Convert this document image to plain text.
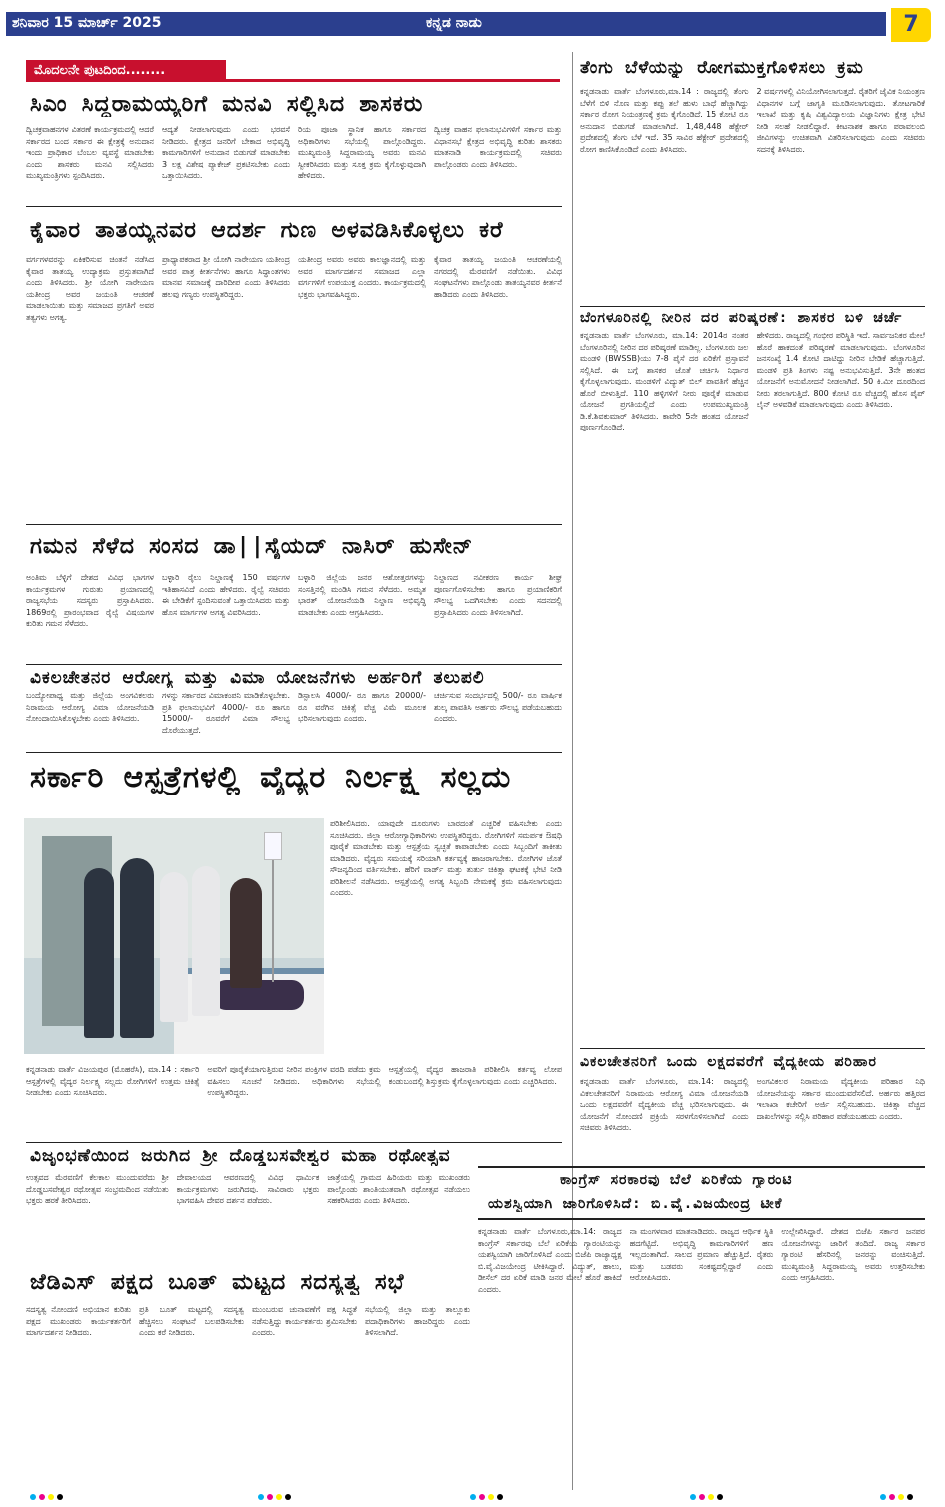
ಶನಿವಾರ 15 ಮಾರ್ಚ್ 2025	ಕನ್ನಡ ನಾಡು	7
ಮೊದಲನೇ ಪುಟದಿಂದ........
ಸಿಎಂ ಸಿದ್ದರಾಮಯ್ಯರಿಗೆ ಮನವಿ ಸಲ್ಲಿಸಿದ ಶಾಸಕರು
ದ್ವಿಚಕ್ರವಾಹನಗಳ ವಿತರಣೆ ಕಾರ್ಯಕ್ರಮದಲ್ಲಿ ಆದರೆ ಸರ್ಕಾರದ ಬಂದ ಸರ್ಕಾರ ಈ ಕ್ಷೇತ್ರಕ್ಕೆ ಅನುದಾನ ಇಂದು ಪ್ರಾಧಿಕಾರ ಬೆಂಬಲ ವ್ಯವಸ್ಥೆ ಮಾಡಬೇಕು ಎಂದು ಶಾಸಕರು ಮನವಿ ಸಲ್ಲಿಸಿದರು ಮುಖ್ಯಮಂತ್ರಿಗಳು ಸ್ಪಂದಿಸಿದರು.
ಆದ್ಯತೆ ನೀಡಲಾಗುವುದು ಎಂದು ಭರವಸೆ ನೀಡಿದರು. ಕ್ಷೇತ್ರದ ಜನರಿಗೆ ಬೇಕಾದ ಅಭಿವೃದ್ಧಿ ಕಾಮಗಾರಿಗಳಿಗೆ ಅನುದಾನ ಬಿಡುಗಡೆ ಮಾಡಬೇಕು 3 ಲಕ್ಷ ವಿಶೇಷ ಪ್ಯಾಕೇಜ್ ಪ್ರಕಟಿಸಬೇಕು ಎಂದು ಒತ್ತಾಯಿಸಿದರು.
ರಿಯ ಪೂಜಾ ಸ್ಥಾನಿಕ ಹಾಗೂ ಸರ್ಕಾರದ ಅಧಿಕಾರಿಗಳು ಸಭೆಯಲ್ಲಿ ಪಾಲ್ಗೊಂಡಿದ್ದರು. ಮುಖ್ಯಮಂತ್ರಿ ಸಿದ್ದರಾಮಯ್ಯ ಅವರು ಮನವಿ ಸ್ವೀಕರಿಸಿದರು ಮತ್ತು ಸೂಕ್ತ ಕ್ರಮ ಕೈಗೊಳ್ಳುವುದಾಗಿ ಹೇಳಿದರು.
ದ್ವಿಚಕ್ರ ವಾಹನ ಫಲಾನುಭವಿಗಳಿಗೆ ಸರ್ಕಾರ ಮತ್ತು ವಿಧಾನಸಭೆ ಕ್ಷೇತ್ರದ ಅಭಿವೃದ್ಧಿ ಕುರಿತು ಶಾಸಕರು ಮಾತನಾಡಿ ಕಾರ್ಯಕ್ರಮದಲ್ಲಿ ಸಚಿವರು ಪಾಲ್ಗೊಂಡರು ಎಂದು ತಿಳಿಸಿದರು.
ಕೈವಾರ ತಾತಯ್ಯನವರ ಆದರ್ಶ ಗುಣ ಅಳವಡಿಸಿಕೊಳ್ಳಲು ಕರೆ
ವರ್ಗಗಳವರನ್ನು ಏಕಿಕರಿಸುವ ಚಿಂತನೆ ನಡೆಸಿದ ಕೈವಾರ ತಾತಯ್ಯ ಉದ್ಯಾಕ್ರಮ ಪ್ರಸ್ತುತವಾಗಿದೆ ಎಂದು ತಿಳಿಸಿದರು. ಶ್ರೀ ಯೋಗಿ ನಾರೇಯಣ ಯತೀಂದ್ರ ಅವರ ಜಯಂತಿ ಆಚರಣೆ ಮಾಡಲಾಯಿತು ಮತ್ತು ಸಮಾಜದ ಪ್ರಗತಿಗೆ ಅವರ ತತ್ವಗಳು ಅಗತ್ಯ.
ಪ್ರಾಧ್ಯಾಪಕರಾದ ಶ್ರೀ ಯೋಗಿ ನಾರೇಯಣ ಯತೀಂದ್ರ ಅವರ ಪಾತ್ರ ಕೀರ್ತನೆಗಳು ಹಾಗೂ ಸಿದ್ಧಾಂತಗಳು ಮಾನವ ಸಮಾಜಕ್ಕೆ ದಾರಿದೀಪ ಎಂದು ತಿಳಿಸಿದರು ಹಲವು ಗಣ್ಯರು ಉಪಸ್ಥಿತರಿದ್ದರು.
ಯತೀಂದ್ರ ಅವರು ಅವರು ಕಾಲಜ್ಞಾನದಲ್ಲಿ ಮತ್ತು ಅವರ ಮಾರ್ಗದರ್ಶನ ಸಮಾಜದ ಎಲ್ಲಾ ವರ್ಗಗಳಿಗೆ ಉಪಯುಕ್ತ ಎಂದರು. ಕಾರ್ಯಕ್ರಮದಲ್ಲಿ ಭಕ್ತರು ಭಾಗವಹಿಸಿದ್ದರು.
ಕೈವಾರ ತಾತಯ್ಯ ಜಯಂತಿ ಆಚರಣೆಯಲ್ಲಿ ನಗರದಲ್ಲಿ ಮೆರವಣಿಗೆ ನಡೆಯಿತು. ವಿವಿಧ ಸಂಘಟನೆಗಳು ಪಾಲ್ಗೊಂಡು ತಾತಯ್ಯನವರ ಕೀರ್ತನೆ ಹಾಡಿದರು ಎಂದು ತಿಳಿಸಿದರು.
ಗಮನ ಸೆಳೆದ ಸಂಸದ ಡಾ||ಸೈಯದ್ ನಾಸಿರ್ ಹುಸೇನ್
ಅಂತಿಮ ಬೆಳ್ಳಿಗೆ ದೇಶದ ವಿವಿಧ ಭಾಗಗಳ ಕಾರ್ಯಕ್ರಮಗಳ ಗುರುತು ಪ್ರಯಾಣದಲ್ಲಿ ರಾಜ್ಯಸಭೆಯ ಸದಸ್ಯರು ಪ್ರಸ್ತಾಪಿಸಿದರು. 1869ರಲ್ಲಿ ಪ್ರಾರಂಭವಾದ ರೈಲ್ವೆ ವಿಷಯಗಳ ಕುರಿತು ಗಮನ ಸೆಳೆದರು.
ಬಳ್ಳಾರಿ ರೈಲು ನಿಲ್ದಾಣಕ್ಕೆ 150 ವರ್ಷಗಳ ಇತಿಹಾಸವಿದೆ ಎಂದು ಹೇಳಿದರು. ರೈಲ್ವೆ ಸಚಿವರು ಈ ಬೇಡಿಕೆಗೆ ಸ್ಪಂದಿಸುವಂತೆ ಒತ್ತಾಯಿಸಿದರು ಮತ್ತು ಹೊಸ ಮಾರ್ಗಗಳ ಅಗತ್ಯ ವಿವರಿಸಿದರು.
ಬಳ್ಳಾರಿ ಜಿಲ್ಲೆಯ ಜನರ ಆಶೋತ್ತರಗಳನ್ನು ಸಂಸತ್ತಿನಲ್ಲಿ ಮಂಡಿಸಿ ಗಮನ ಸೆಳೆದರು. ಅಮೃತ ಭಾರತ್ ಯೋಜನೆಯಡಿ ನಿಲ್ದಾಣ ಅಭಿವೃದ್ಧಿ ಮಾಡಬೇಕು ಎಂದು ಆಗ್ರಹಿಸಿದರು.
ನಿಲ್ದಾಣದ ನವೀಕರಣ ಕಾರ್ಯ ಶೀಘ್ರ ಪೂರ್ಣಗೊಳಿಸಬೇಕು ಹಾಗೂ ಪ್ರಯಾಣಿಕರಿಗೆ ಸೌಲಭ್ಯ ಒದಗಿಸಬೇಕು ಎಂದು ಸದನದಲ್ಲಿ ಪ್ರಸ್ತಾಪಿಸಿದರು ಎಂದು ತಿಳಿಸಲಾಗಿದೆ.
ವಿಕಲಚೇತನರ ಆರೋಗ್ಯ ಮತ್ತು ವಿಮಾ ಯೋಜನೆಗಳು ಅರ್ಹರಿಗೆ ತಲುಪಲಿ
ಬಂದ್ಯೋಪಾಧ್ಯ ಮತ್ತು ಜಿಲ್ಲೆಯ ಅಂಗವಿಕಲರು ನಿರಾಮಯ ಆರೋಗ್ಯ ವಿಮಾ ಯೋಜನೆಯಡಿ ನೋಂದಾಯಿಸಿಕೊಳ್ಳಬೇಕು ಎಂದು ತಿಳಿಸಿದರು.
ಗಳನ್ನು ಸರ್ಕಾರದ ವಿಮಾಕಂಪನಿ ಮಾಡಿಕೊಳ್ಳಬೇಕು. ಪ್ರತಿ ಫಲಾನುಭವಿಗೆ 4000/- ರೂ ಹಾಗೂ 15000/- ರೂವರೆಗೆ ವಿಮಾ ಸೌಲಭ್ಯ ದೊರೆಯುತ್ತದೆ.
ಡಿಸ್ಪಾಲಸಿ 4000/- ರೂ ಹಾಗೂ 20000/- ರೂ ವರೆಗಿನ ಚಿಕಿತ್ಸೆ ವೆಚ್ಚ ವಿಮೆ ಮೂಲಕ ಭರಿಸಲಾಗುವುದು ಎಂದರು.
ಚರ್ಚಿಸುವ ಸಂದರ್ಭದಲ್ಲಿ 500/- ರೂ ವಾರ್ಷಿಕ ಶುಲ್ಕ ಪಾವತಿಸಿ ಅರ್ಹರು ಸೌಲಭ್ಯ ಪಡೆಯಬಹುದು ಎಂದರು.
ಸರ್ಕಾರಿ ಆಸ್ಪತ್ರೆಗಳಲ್ಲಿ ವೈದ್ಯರ ನಿರ್ಲಕ್ಷ್ಯ ಸಲ್ಲದು
ಪರಿಶೀಲಿಸಿದರು. ಯಾವುದೇ ದೂರುಗಳು ಬಾರದಂತೆ ಎಚ್ಚರಿಕೆ ವಹಿಸಬೇಕು ಎಂದು ಸೂಚಿಸಿದರು. ಜಿಲ್ಲಾ ಆರೋಗ್ಯಾಧಿಕಾರಿಗಳು ಉಪಸ್ಥಿತರಿದ್ದರು. ರೋಗಿಗಳಿಗೆ ಸಮರ್ಪಕ ಔಷಧಿ ಪೂರೈಕೆ ಮಾಡಬೇಕು ಮತ್ತು ಆಸ್ಪತ್ರೆಯ ಸ್ವಚ್ಛತೆ ಕಾಪಾಡಬೇಕು ಎಂದು ಸಿಬ್ಬಂದಿಗೆ ತಾಕೀತು ಮಾಡಿದರು. ವೈದ್ಯರು ಸಮಯಕ್ಕೆ ಸರಿಯಾಗಿ ಕರ್ತವ್ಯಕ್ಕೆ ಹಾಜರಾಗಬೇಕು. ರೋಗಿಗಳ ಜೊತೆ ಸೌಜನ್ಯದಿಂದ ವರ್ತಿಸಬೇಕು. ಹೆರಿಗೆ ವಾರ್ಡ್ ಮತ್ತು ತುರ್ತು ಚಿಕಿತ್ಸಾ ಘಟಕಕ್ಕೆ ಭೇಟಿ ನೀಡಿ ಪರಿಶೀಲನೆ ನಡೆಸಿದರು. ಆಸ್ಪತ್ರೆಯಲ್ಲಿ ಅಗತ್ಯ ಸಿಬ್ಬಂದಿ ನೇಮಕಕ್ಕೆ ಕ್ರಮ ವಹಿಸಲಾಗುವುದು ಎಂದರು.
ಕನ್ನಡನಾಡು ವಾರ್ತೆ ವಿಜಯಪುರ (ಮೊಹರೆಸಿ), ಮಾ.14 : ಸರ್ಕಾರಿ ಆಸ್ಪತ್ರೆಗಳಲ್ಲಿ ವೈದ್ಯರ ನಿರ್ಲಕ್ಷ್ಯ ಸಲ್ಲದು ರೋಗಿಗಳಿಗೆ ಉತ್ತಮ ಚಿಕಿತ್ಸೆ ನೀಡಬೇಕು ಎಂದು ಸೂಚಿಸಿದರು.
ಅವರಿಗೆ ಪೂರೈಕೆಯಾಗುತ್ತಿರುವ ನೀರಿನ ಪಂಕ್ತಿಗಳ ವರದಿ ಪಡೆದು ಕ್ರಮ ವಹಿಸಲು ಸೂಚನೆ ನೀಡಿದರು. ಅಧಿಕಾರಿಗಳು ಸಭೆಯಲ್ಲಿ ಉಪಸ್ಥಿತರಿದ್ದರು.
ಆಸ್ಪತ್ರೆಯಲ್ಲಿ ವೈದ್ಯರ ಹಾಜರಾತಿ ಪರಿಶೀಲಿಸಿ ಕರ್ತವ್ಯ ಲೋಪ ಕಂಡುಬಂದಲ್ಲಿ ಶಿಸ್ತುಕ್ರಮ ಕೈಗೊಳ್ಳಲಾಗುವುದು ಎಂದು ಎಚ್ಚರಿಸಿದರು.
ವಿಜೃಂಭಣೆಯಿಂದ ಜರುಗಿದ ಶ್ರೀ ದೊಡ್ಡಬಸವೇಶ್ವರ ಮಹಾ ರಥೋತ್ಸವ
ಉತ್ಸವದ ಮೆರವಣಿಗೆ ಕೆಲಕಾಲ ಮುಂದುವರೆದು ಶ್ರೀ ದೊಡ್ಡಬಸವೇಶ್ವರ ರಥೋತ್ಸವ ಸಂಭ್ರಮದಿಂದ ನಡೆಯಿತು ಭಕ್ತರು ಹರಕೆ ತೀರಿಸಿದರು.
ದೇವಾಲಯದ ಆವರಣದಲ್ಲಿ ವಿವಿಧ ಧಾರ್ಮಿಕ ಕಾರ್ಯಕ್ರಮಗಳು ಜರುಗಿದವು. ಸಾವಿರಾರು ಭಕ್ತರು ಭಾಗವಹಿಸಿ ದೇವರ ದರ್ಶನ ಪಡೆದರು.
ಜಾತ್ರೆಯಲ್ಲಿ ಗ್ರಾಮದ ಹಿರಿಯರು ಮತ್ತು ಮುಖಂಡರು ಪಾಲ್ಗೊಂಡು ಶಾಂತಿಯುತವಾಗಿ ರಥೋತ್ಸವ ನಡೆಯಲು ಸಹಕರಿಸಿದರು ಎಂದು ತಿಳಿಸಿದರು.
ಜೆಡಿಎಸ್ ಪಕ್ಷದ ಬೂತ್ ಮಟ್ಟದ ಸದಸ್ಯತ್ವ ಸಭೆ
ಸದಸ್ಯತ್ವ ನೋಂದಣಿ ಅಭಿಯಾನ ಕುರಿತು ಪಕ್ಷದ ಮುಖಂಡರು ಕಾರ್ಯಕರ್ತರಿಗೆ ಮಾರ್ಗದರ್ಶನ ನೀಡಿದರು.
ಪ್ರತಿ ಬೂತ್ ಮಟ್ಟದಲ್ಲಿ ಸದಸ್ಯತ್ವ ಹೆಚ್ಚಿಸಲು ಸಂಘಟನೆ ಬಲಪಡಿಸಬೇಕು ಎಂದು ಕರೆ ನೀಡಿದರು.
ಮುಂಬರುವ ಚುನಾವಣೆಗೆ ಪಕ್ಷ ಸಿದ್ಧತೆ ನಡೆಸುತ್ತಿದ್ದು ಕಾರ್ಯಕರ್ತರು ಶ್ರಮಿಸಬೇಕು ಎಂದರು.
ಸಭೆಯಲ್ಲಿ ಜಿಲ್ಲಾ ಮತ್ತು ತಾಲ್ಲೂಕು ಪದಾಧಿಕಾರಿಗಳು ಹಾಜರಿದ್ದರು ಎಂದು ತಿಳಿಸಲಾಗಿದೆ.
ತೆಂಗು ಬೆಳೆಯನ್ನು ರೋಗಮುಕ್ತಗೊಳಿಸಲು ಕ್ರಮ
ಕನ್ನಡನಾಡು ವಾರ್ತೆ ಬೆಂಗಳೂರು,ಮಾ.14 : ರಾಜ್ಯದಲ್ಲಿ ತೆಂಗು ಬೆಳೆಗೆ ಬಿಳಿ ನೊಣ ಮತ್ತು ಕಪ್ಪು ತಲೆ ಹುಳು ಬಾಧೆ ಹೆಚ್ಚಾಗಿದ್ದು ಸರ್ಕಾರ ರೋಗ ನಿಯಂತ್ರಣಕ್ಕೆ ಕ್ರಮ ಕೈಗೊಂಡಿದೆ. 15 ಕೋಟಿ ರೂ ಅನುದಾನ ಬಿಡುಗಡೆ ಮಾಡಲಾಗಿದೆ. 1,48,448 ಹೆಕ್ಟೇರ್ ಪ್ರದೇಶದಲ್ಲಿ ತೆಂಗು ಬೆಳೆ ಇದೆ. 35 ಸಾವಿರ ಹೆಕ್ಟೇರ್ ಪ್ರದೇಶದಲ್ಲಿ ರೋಗ ಕಾಣಿಸಿಕೊಂಡಿದೆ ಎಂದು ತಿಳಿಸಿದರು.
2 ವರ್ಷಗಳಲ್ಲಿ ವಿನಿಯೋಗಿಸಲಾಗುತ್ತದೆ. ರೈತರಿಗೆ ಜೈವಿಕ ನಿಯಂತ್ರಣ ವಿಧಾನಗಳ ಬಗ್ಗೆ ಜಾಗೃತಿ ಮೂಡಿಸಲಾಗುವುದು. ತೋಟಗಾರಿಕೆ ಇಲಾಖೆ ಮತ್ತು ಕೃಷಿ ವಿಶ್ವವಿದ್ಯಾಲಯ ವಿಜ್ಞಾನಿಗಳು ಕ್ಷೇತ್ರ ಭೇಟಿ ನೀಡಿ ಸಲಹೆ ನೀಡಲಿದ್ದಾರೆ. ಕೀಟನಾಶಕ ಹಾಗೂ ಪರಾವಲಂಬಿ ಜೀವಿಗಳನ್ನು ಉಚಿತವಾಗಿ ವಿತರಿಸಲಾಗುವುದು ಎಂದು ಸಚಿವರು ಸದನಕ್ಕೆ ತಿಳಿಸಿದರು.
ಬೆಂಗಳೂರಿನಲ್ಲಿ ನೀರಿನ ದರ ಪರಿಷ್ಕರಣೆ: ಶಾಸಕರ ಬಳಿ ಚರ್ಚೆ
ಕನ್ನಡನಾಡು ವಾರ್ತೆ ಬೆಂಗಳೂರು, ಮಾ.14: 2014ರ ನಂತರ ಬೆಂಗಳೂರಿನಲ್ಲಿ ನೀರಿನ ದರ ಪರಿಷ್ಕರಣೆ ಮಾಡಿಲ್ಲ. ಬೆಂಗಳೂರು ಜಲ ಮಂಡಳಿ (BWSSB)ಯು 7-8 ಪೈಸೆ ದರ ಏರಿಕೆಗೆ ಪ್ರಸ್ತಾವನೆ ಸಲ್ಲಿಸಿದೆ. ಈ ಬಗ್ಗೆ ಶಾಸಕರ ಜೊತೆ ಚರ್ಚಿಸಿ ನಿರ್ಧಾರ ಕೈಗೊಳ್ಳಲಾಗುವುದು. ಮಂಡಳಿಗೆ ವಿದ್ಯುತ್ ಬಿಲ್ ಪಾವತಿಗೆ ಹೆಚ್ಚಿನ ಹೊರೆ ಬೀಳುತ್ತಿದೆ. 110 ಹಳ್ಳಿಗಳಿಗೆ ನೀರು ಪೂರೈಕೆ ಮಾಡುವ ಯೋಜನೆ ಪ್ರಗತಿಯಲ್ಲಿದೆ ಎಂದು ಉಪಮುಖ್ಯಮಂತ್ರಿ ಡಿ.ಕೆ.ಶಿವಕುಮಾರ್ ತಿಳಿಸಿದರು. ಕಾವೇರಿ 5ನೇ ಹಂತದ ಯೋಜನೆ ಪೂರ್ಣಗೊಂಡಿದೆ.
ಹೇಳಿದರು. ರಾಜ್ಯದಲ್ಲಿ ಗಂಭೀರ ಪರಿಸ್ಥಿತಿ ಇದೆ. ಸಾರ್ವಜನಿಕರ ಮೇಲೆ ಹೊರೆ ಹಾಕದಂತೆ ಪರಿಷ್ಕರಣೆ ಮಾಡಲಾಗುವುದು. ಬೆಂಗಳೂರಿನ ಜನಸಂಖ್ಯೆ 1.4 ಕೋಟಿ ದಾಟಿದ್ದು ನೀರಿನ ಬೇಡಿಕೆ ಹೆಚ್ಚಾಗುತ್ತಿದೆ. ಮಂಡಳಿ ಪ್ರತಿ ತಿಂಗಳು ನಷ್ಟ ಅನುಭವಿಸುತ್ತಿದೆ. 3ನೇ ಹಂತದ ಯೋಜನೆಗೆ ಅನುಮೋದನೆ ನೀಡಲಾಗಿದೆ. 50 ಕಿ.ಮೀ ದೂರದಿಂದ ನೀರು ತರಲಾಗುತ್ತಿದೆ. 800 ಕೋಟಿ ರೂ ವೆಚ್ಚದಲ್ಲಿ ಹೊಸ ಪೈಪ್ ಲೈನ್ ಅಳವಡಿಕೆ ಮಾಡಲಾಗುವುದು ಎಂದು ತಿಳಿಸಿದರು.
ವಿಕಲಚೇತನರಿಗೆ ಒಂದು ಲಕ್ಷದವರೆಗೆ ವೈದ್ಯಕೀಯ ಪರಿಹಾರ
ಕನ್ನಡನಾಡು ವಾರ್ತೆ ಬೆಂಗಳೂರು, ಮಾ.14: ರಾಜ್ಯದಲ್ಲಿ ವಿಕಲಚೇತನರಿಗೆ ನಿರಾಮಯ ಆರೋಗ್ಯ ವಿಮಾ ಯೋಜನೆಯಡಿ ಒಂದು ಲಕ್ಷದವರೆಗೆ ವೈದ್ಯಕೀಯ ವೆಚ್ಚ ಭರಿಸಲಾಗುವುದು. ಈ ಯೋಜನೆಗೆ ನೋಂದಣಿ ಪ್ರಕ್ರಿಯೆ ಸರಳಗೊಳಿಸಲಾಗಿದೆ ಎಂದು ಸಚಿವರು ತಿಳಿಸಿದರು.
ಅಂಗವಿಕಲರ ನಿರಾಮಯ ವೈದ್ಯಕೀಯ ಪರಿಹಾರ ನಿಧಿ ಯೋಜನೆಯನ್ನು ಸರ್ಕಾರ ಮುಂದುವರೆಸಲಿದೆ. ಅರ್ಹರು ಹತ್ತಿರದ ಇಲಾಖಾ ಕಚೇರಿಗೆ ಅರ್ಜಿ ಸಲ್ಲಿಸಬಹುದು. ಚಿಕಿತ್ಸಾ ವೆಚ್ಚದ ದಾಖಲೆಗಳನ್ನು ಸಲ್ಲಿಸಿ ಪರಿಹಾರ ಪಡೆಯಬಹುದು ಎಂದರು.
ಕಾಂಗ್ರೆಸ್ ಸರಕಾರವು ಬೆಲೆ ಏರಿಕೆಯ ಗ್ಯಾರಂಟಿ
ಯಶಸ್ವಿಯಾಗಿ ಜಾರಿಗೊಳಿಸಿದೆ: ಬಿ.ವೈ.ವಿಜಯೇಂದ್ರ ಟೀಕೆ
ಕನ್ನಡನಾಡು ವಾರ್ತೆ ಬೆಂಗಳೂರು,ಮಾ.14: ರಾಜ್ಯದ ಕಾಂಗ್ರೆಸ್ ಸರ್ಕಾರವು ಬೆಲೆ ಏರಿಕೆಯ ಗ್ಯಾರಂಟಿಯನ್ನು ಯಶಸ್ವಿಯಾಗಿ ಜಾರಿಗೊಳಿಸಿದೆ ಎಂದು ಬಿಜೆಪಿ ರಾಜ್ಯಾಧ್ಯಕ್ಷ ಬಿ.ವೈ.ವಿಜಯೇಂದ್ರ ಟೀಕಿಸಿದ್ದಾರೆ. ವಿದ್ಯುತ್, ಹಾಲು, ಡೀಸೆಲ್ ದರ ಏರಿಕೆ ಮಾಡಿ ಜನರ ಮೇಲೆ ಹೊರೆ ಹಾಕಿದೆ ಎಂದರು.
ನಾ ಮಂಗಳವಾರ ಮಾತನಾಡಿದರು. ರಾಜ್ಯದ ಆರ್ಥಿಕ ಸ್ಥಿತಿ ಹದಗೆಟ್ಟಿದೆ. ಅಭಿವೃದ್ಧಿ ಕಾಮಗಾರಿಗಳಿಗೆ ಹಣ ಇಲ್ಲದಂತಾಗಿದೆ. ಸಾಲದ ಪ್ರಮಾಣ ಹೆಚ್ಚುತ್ತಿದೆ. ರೈತರು ಮತ್ತು ಬಡವರು ಸಂಕಷ್ಟದಲ್ಲಿದ್ದಾರೆ ಎಂದು ಆರೋಪಿಸಿದರು.
ಉಲ್ಲೇಖಿಸಿದ್ದಾರೆ. ದೇಶದ ಬಿಜೆಪಿ ಸರ್ಕಾರ ಜನಪರ ಯೋಜನೆಗಳನ್ನು ಜಾರಿಗೆ ತಂದಿದೆ. ರಾಜ್ಯ ಸರ್ಕಾರ ಗ್ಯಾರಂಟಿ ಹೆಸರಿನಲ್ಲಿ ಜನರನ್ನು ವಂಚಿಸುತ್ತಿದೆ. ಮುಖ್ಯಮಂತ್ರಿ ಸಿದ್ದರಾಮಯ್ಯ ಅವರು ಉತ್ತರಿಸಬೇಕು ಎಂದು ಆಗ್ರಹಿಸಿದರು.
